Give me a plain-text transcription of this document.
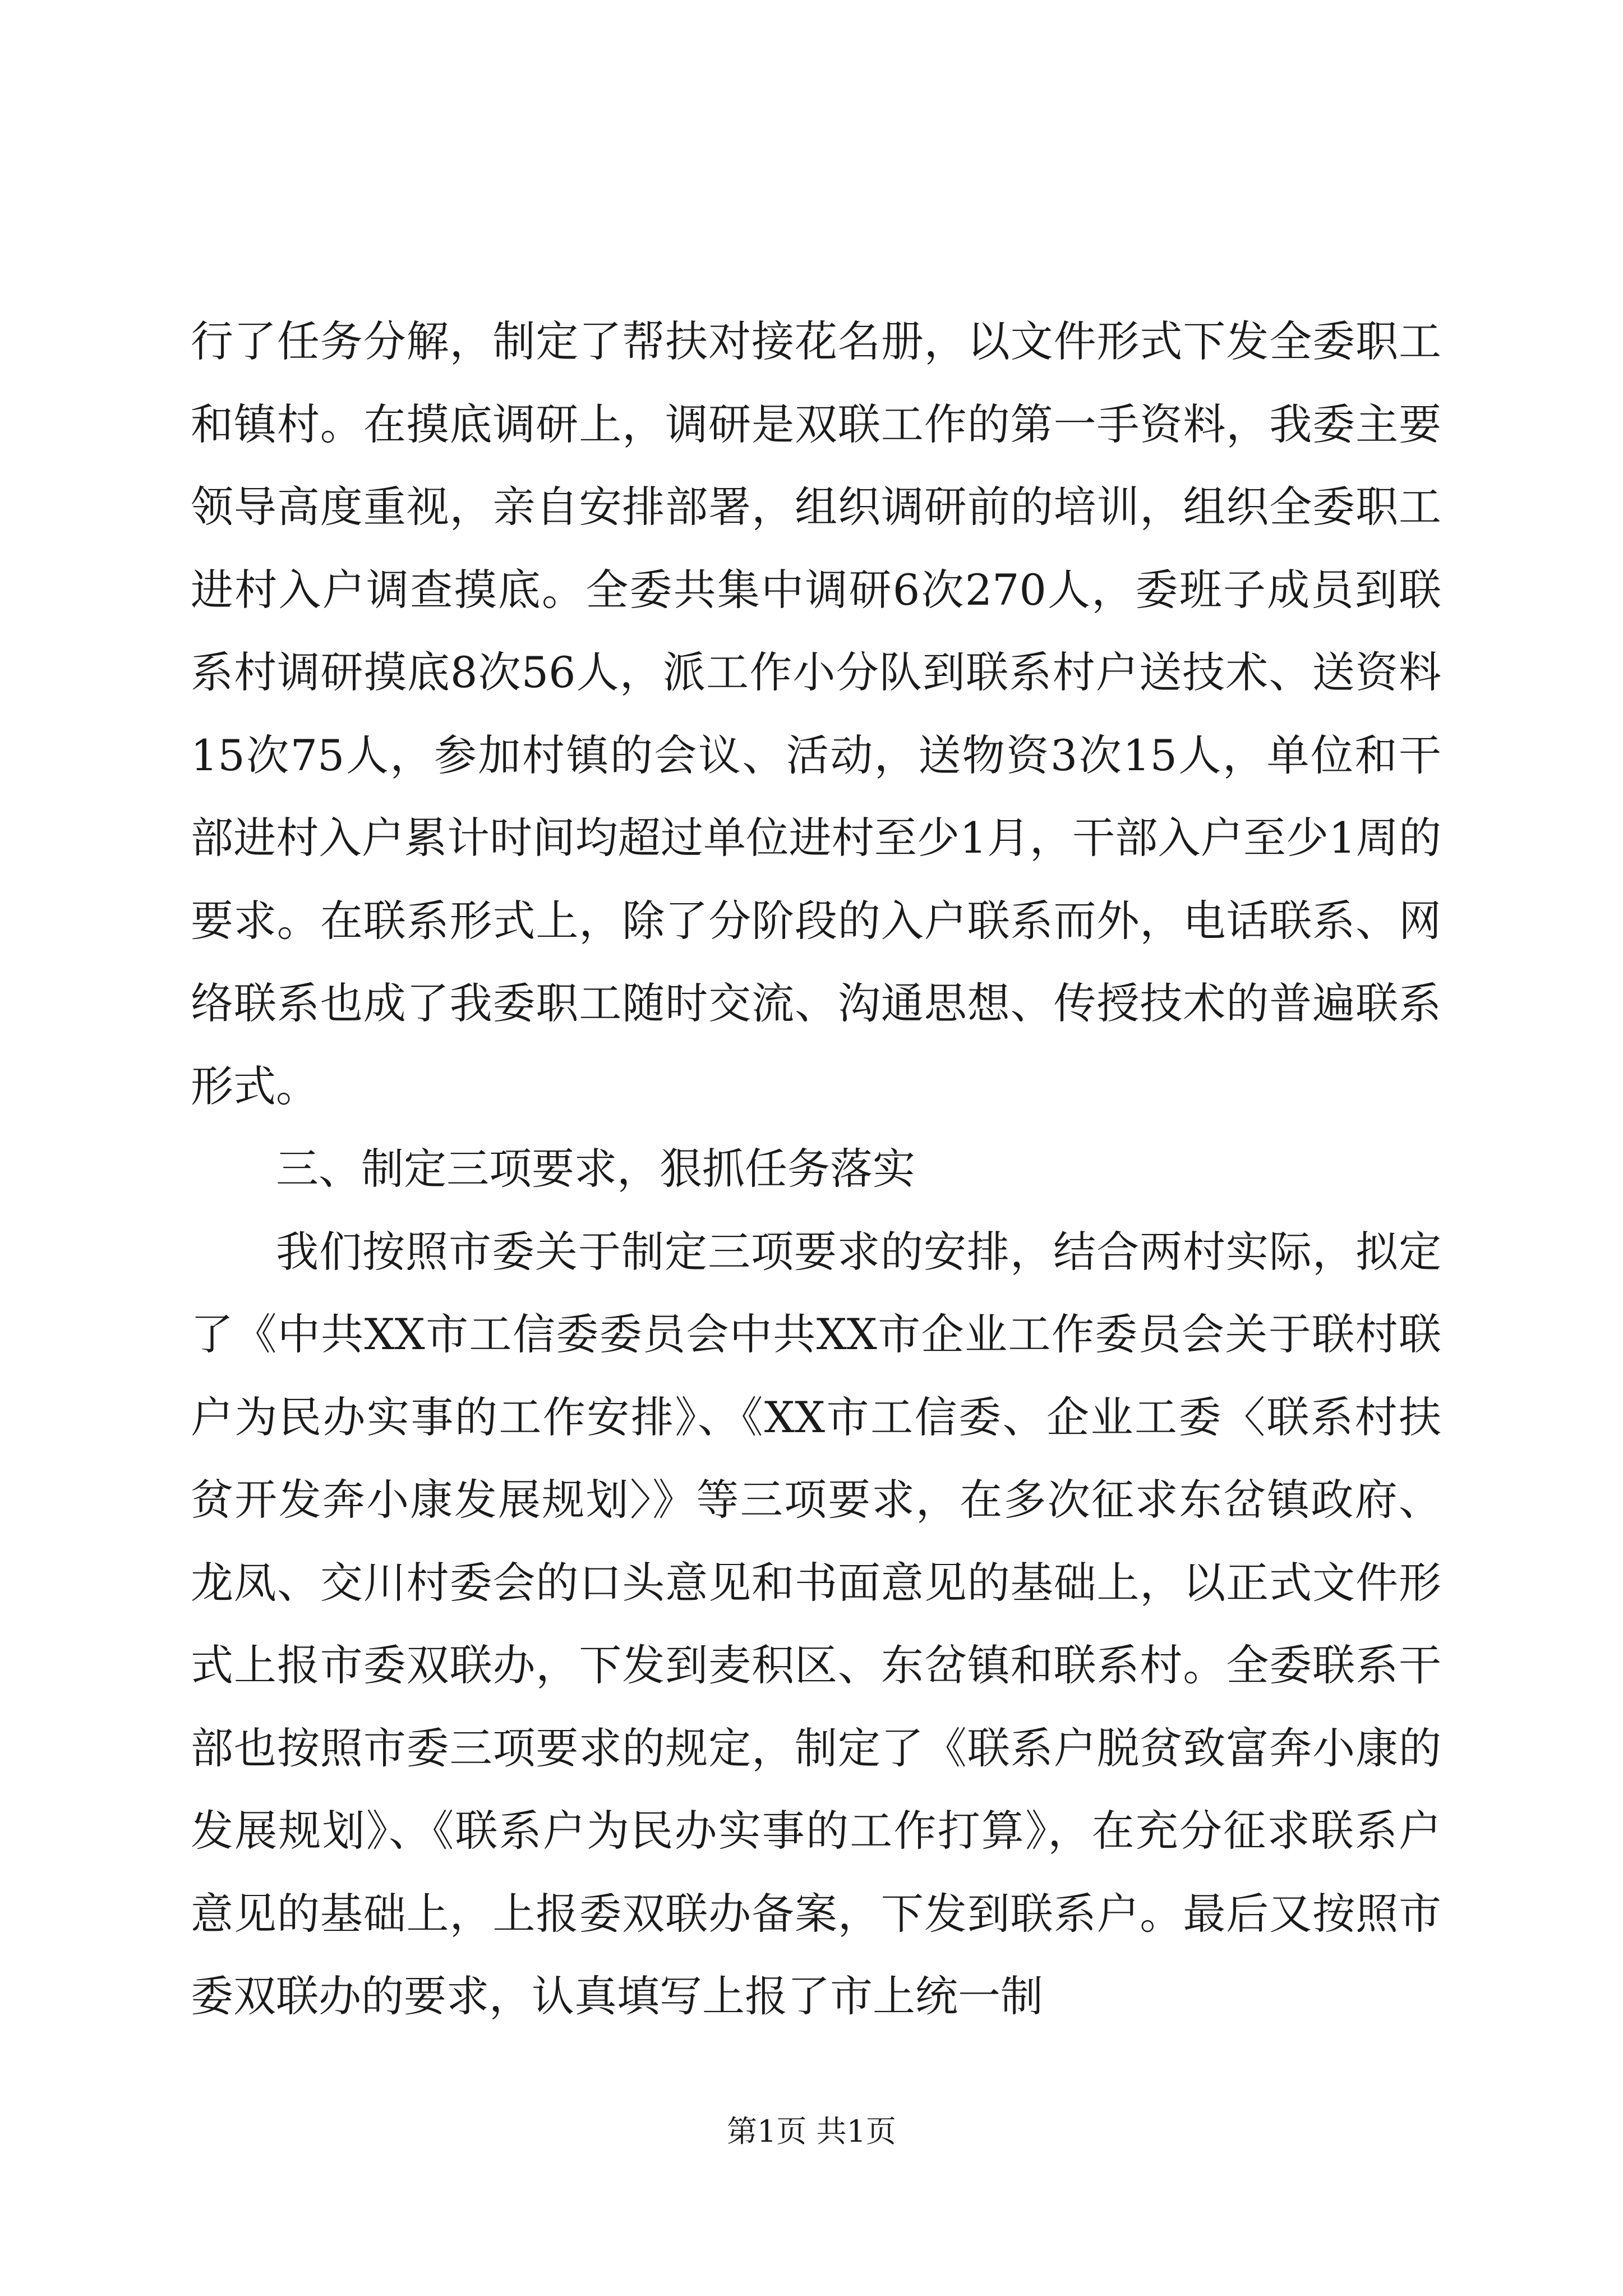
行了任务分解，制定了帮扶对接花名册，以文件形式下发全委职工和镇村。在摸底调研上，调研是双联工作的第一手资料，我委主要领导高度重视，亲自安排部署，组织调研前的培训，组织全委职工进村入户调查摸底。全委共集中调研6次270人，委班子成员到联系村调研摸底8次56人，派工作小分队到联系村户送技术、送资料15次75人，参加村镇的会议、活动，送物资3次15人，单位和干部进村入户累计时间均超过单位进村至少1月，干部入户至少1周的要求。在联系形式上，除了分阶段的入户联系而外，电话联系、网络联系也成了我委职工随时交流、沟通思想、传授技术的普遍联系形式。

三、制定三项要求，狠抓任务落实

我们按照市委关于制定三项要求的安排，结合两村实际，拟定了《中共XX市工信委委员会中共XX市企业工作委员会关于联村联户为民办实事的工作安排》、《XX市工信委、企业工委〈联系村扶贫开发奔小康发展规划〉》等三项要求，在多次征求东岔镇政府、龙凤、交川村委会的口头意见和书面意见的基础上，以正式文件形式上报市委双联办，下发到麦积区、东岔镇和联系村。全委联系干部也按照市委三项要求的规定，制定了《联系户脱贫致富奔小康的发展规划》、《联系户为民办实事的工作打算》，在充分征求联系户意见的基础上，上报委双联办备案，下发到联系户。最后又按照市委双联办的要求，认真填写上报了市上统一制

第1页 共1页
